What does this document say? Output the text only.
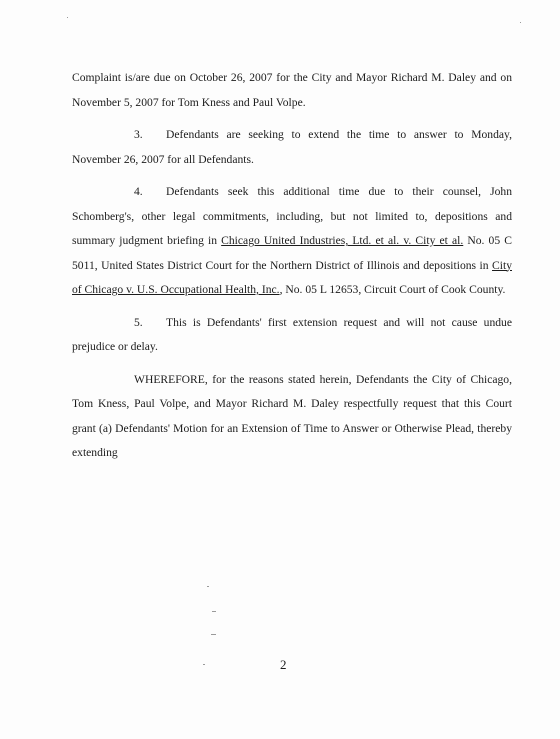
Complaint is/are due on October 26, 2007 for the City and Mayor Richard M. Daley and on November 5, 2007 for Tom Kness and Paul Volpe.

3. Defendants are seeking to extend the time to answer to Monday, November 26, 2007 for all Defendants.

4. Defendants seek this additional time due to their counsel, John Schomberg's, other legal commitments, including, but not limited to, depositions and summary judgment briefing in Chicago United Industries, Ltd. et al. v. City et al. No. 05 C 5011, United States District Court for the Northern District of Illinois and depositions in City of Chicago v. U.S. Occupational Health, Inc., No. 05 L 12653, Circuit Court of Cook County.

5. This is Defendants' first extension request and will not cause undue prejudice or delay.

WHEREFORE, for the reasons stated herein, Defendants the City of Chicago, Tom Kness, Paul Volpe, and Mayor Richard M. Daley respectfully request that this Court grant (a) Defendants' Motion for an Extension of Time to Answer or Otherwise Plead, thereby extending

2
